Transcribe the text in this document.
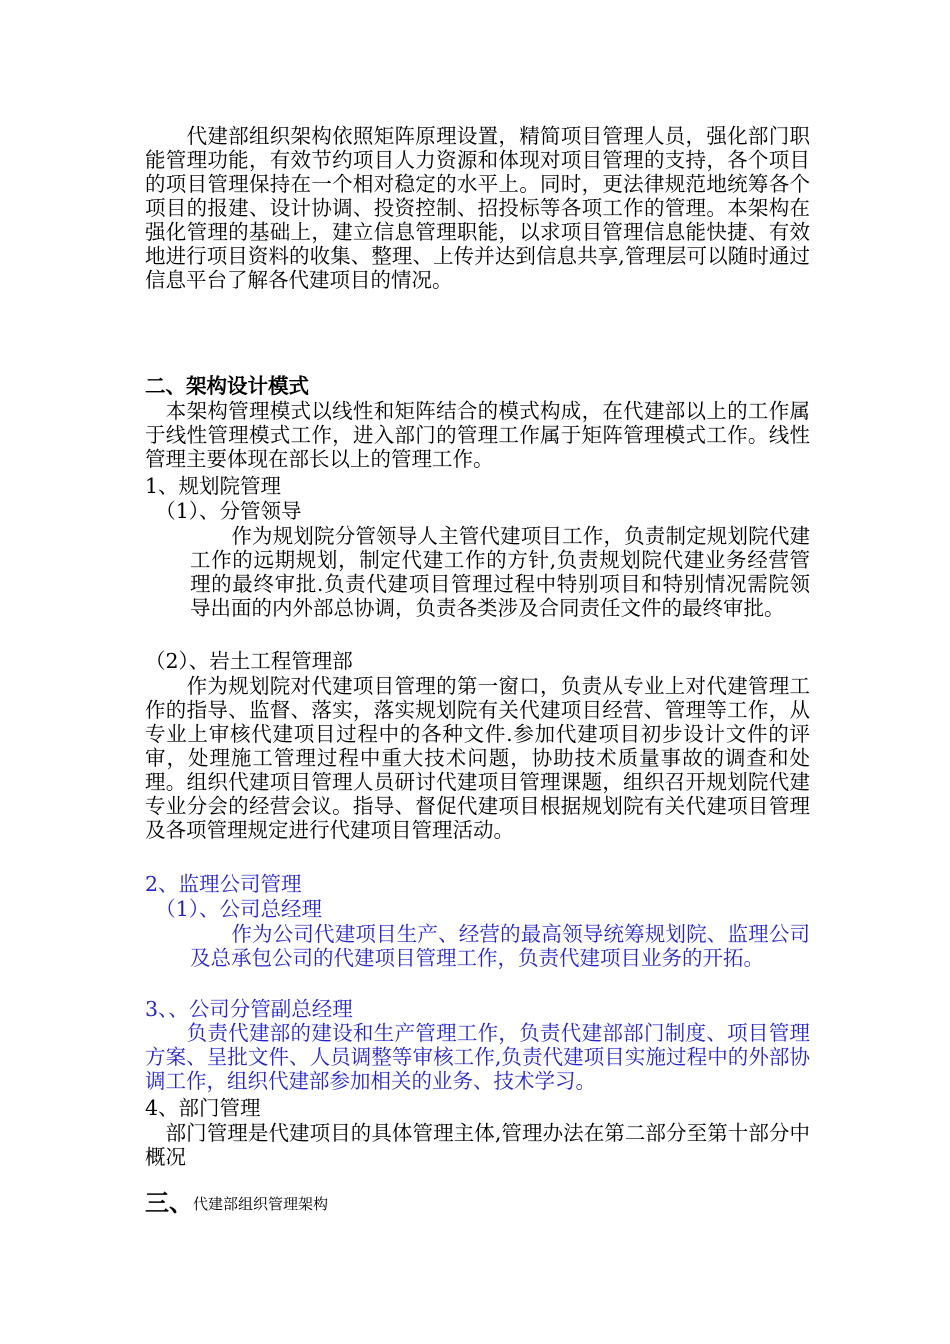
　　代建部组织架构依照矩阵原理设置，精简项目管理人员，强化部门职能管理功能，有效节约项目人力资源和体现对项目管理的支持，各个项目的项目管理保持在一个相对稳定的水平上。同时，更法律规范地统筹各个项目的报建、设计协调、投资控制、招投标等各项工作的管理。本架构在强化管理的基础上，建立信息管理职能，以求项目管理信息能快捷、有效地进行项目资料的收集、整理、上传并达到信息共享,管理层可以随时通过信息平台了解各代建项目的情况。

二、架构设计模式

　本架构管理模式以线性和矩阵结合的模式构成，在代建部以上的工作属于线性管理模式工作，进入部门的管理工作属于矩阵管理模式工作。线性管理主要体现在部长以上的管理工作。

1、规划院管理

　（1）、分管领导

　　作为规划院分管领导人主管代建项目工作，负责制定规划院代建工作的远期规划，制定代建工作的方针,负责规划院代建业务经营管理的最终审批.负责代建项目管理过程中特别项目和特别情况需院领导出面的内外部总协调，负责各类涉及合同责任文件的最终审批。

（2）、岩土工程管理部

　　作为规划院对代建项目管理的第一窗口，负责从专业上对代建管理工作的指导、监督、落实，落实规划院有关代建项目经营、管理等工作，从专业上审核代建项目过程中的各种文件.参加代建项目初步设计文件的评审，处理施工管理过程中重大技术问题，协助技术质量事故的调查和处理。组织代建项目管理人员研讨代建项目管理课题，组织召开规划院代建专业分会的经营会议。指导、督促代建项目根据规划院有关代建项目管理及各项管理规定进行代建项目管理活动。

2、监理公司管理

　（1）、公司总经理

　　作为公司代建项目生产、经营的最高领导统筹规划院、监理公司及总承包公司的代建项目管理工作，负责代建项目业务的开拓。

3、、公司分管副总经理

　　负责代建部的建设和生产管理工作，负责代建部部门制度、项目管理方案、呈批文件、人员调整等审核工作,负责代建项目实施过程中的外部协调工作，组织代建部参加相关的业务、技术学习。

4、部门管理

　部门管理是代建项目的具体管理主体,管理办法在第二部分至第十部分中概况

三、代建部组织管理架构
